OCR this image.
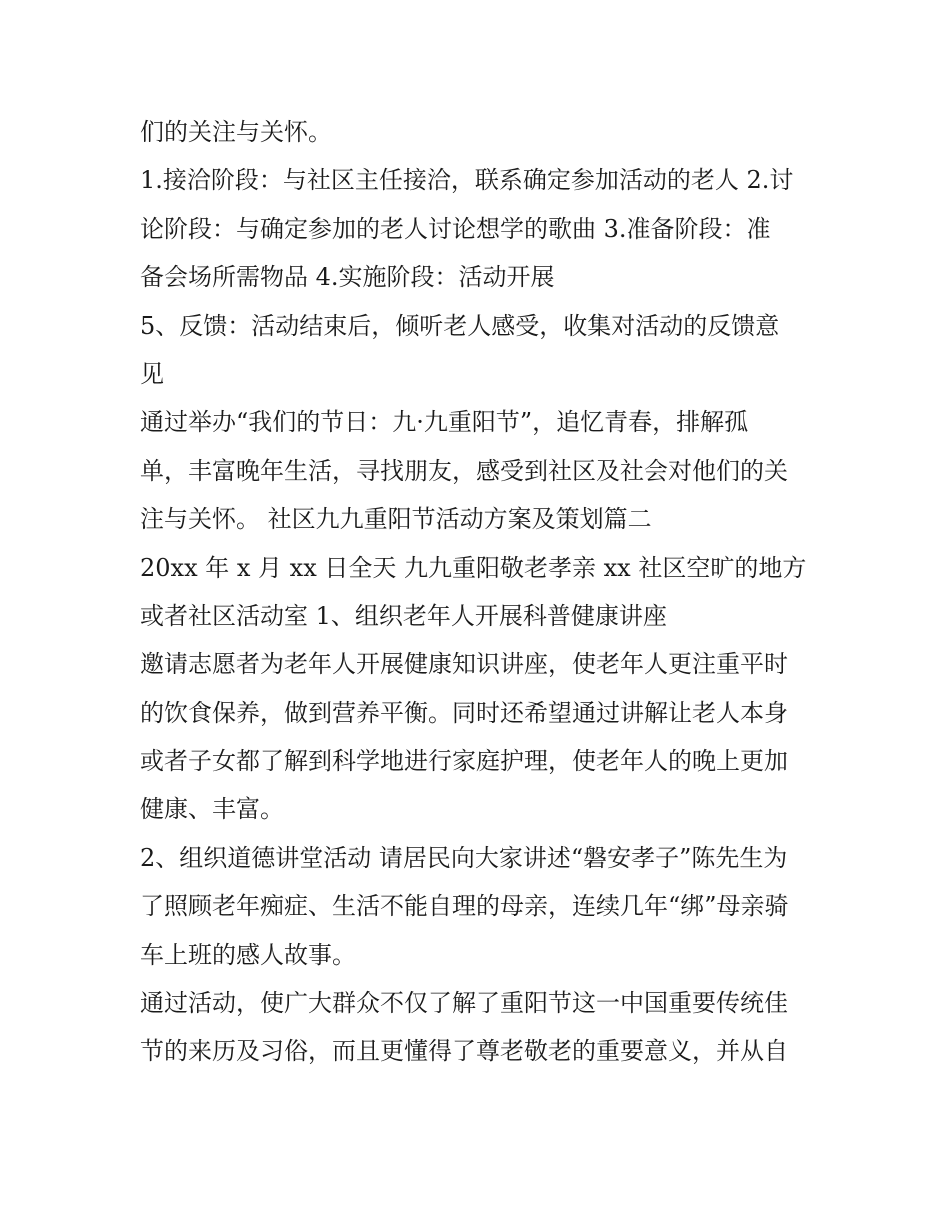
们的关注与关怀。
1.接洽阶段：与社区主任接洽，联系确定参加活动的老人 2.讨
论阶段：与确定参加的老人讨论想学的歌曲 3.准备阶段：准
备会场所需物品 4.实施阶段：活动开展
5、反馈：活动结束后，倾听老人感受，收集对活动的反馈意
见
通过举办“我们的节日：九·九重阳节”，追忆青春，排解孤
单，丰富晚年生活，寻找朋友，感受到社区及社会对他们的关
注与关怀。 社区九九重阳节活动方案及策划篇二
20xx 年 x 月 xx 日全天 九九重阳敬老孝亲 xx 社区空旷的地方
或者社区活动室 1、组织老年人开展科普健康讲座
邀请志愿者为老年人开展健康知识讲座，使老年人更注重平时
的饮食保养，做到营养平衡。同时还希望通过讲解让老人本身
或者子女都了解到科学地进行家庭护理，使老年人的晚上更加
健康、丰富。
2、组织道德讲堂活动 请居民向大家讲述“磐安孝子”陈先生为
了照顾老年痴症、生活不能自理的母亲，连续几年“绑”母亲骑
车上班的感人故事。
通过活动，使广大群众不仅了解了重阳节这一中国重要传统佳
节的来历及习俗，而且更懂得了尊老敬老的重要意义，并从自
